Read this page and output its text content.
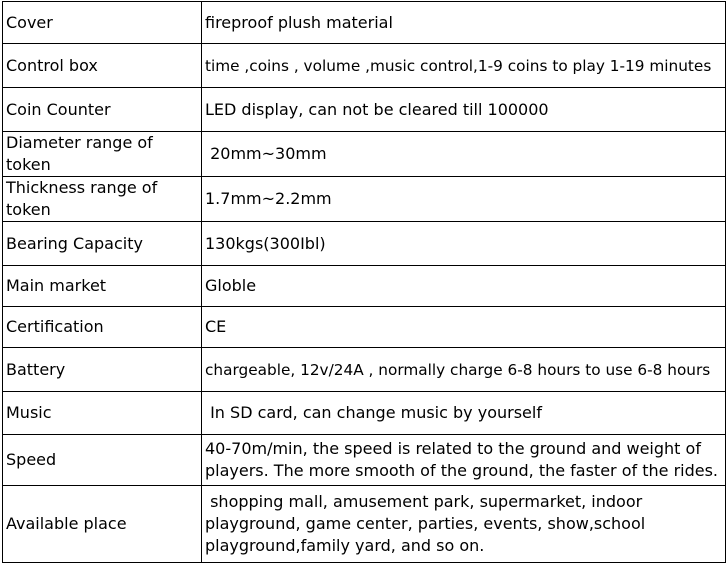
Cover	fireproof plush material
Control box	time ,coins , volume ,music control,1-9 coins to play 1-19 minutes
Coin Counter	LED display, can not be cleared till 100000
Diameter range of token	20mm~30mm
Thickness range of token	1.7mm~2.2mm
Bearing Capacity	130kgs(300Ibl)
Main market	Globle
Certification	CE
Battery	chargeable, 12v/24A , normally charge 6-8 hours to use 6-8 hours
Music	In SD card, can change music by yourself
Speed	40-70m/min, the speed is related to the ground and weight of players. The more smooth of the ground, the faster of the rides.
Available place	shopping mall, amusement park, supermarket, indoor playground, game center, parties, events, show,school playground,family yard, and so on.
